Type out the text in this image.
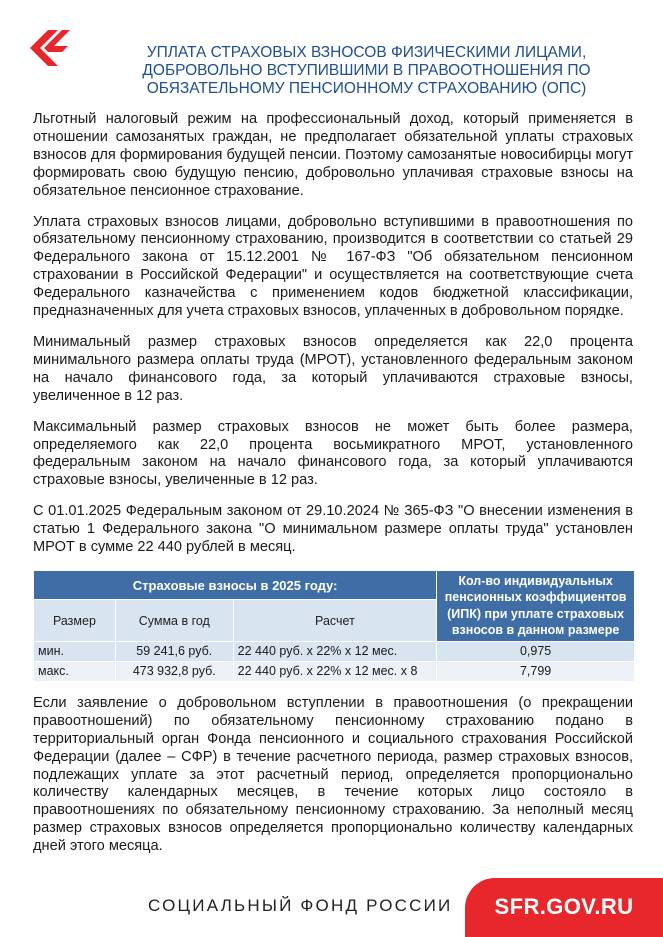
УПЛАТА СТРАХОВЫХ ВЗНОСОВ ФИЗИЧЕСКИМИ ЛИЦАМИ,
ДОБРОВОЛЬНО ВСТУПИВШИМИ В ПРАВООТНОШЕНИЯ ПО
ОБЯЗАТЕЛЬНОМУ ПЕНСИОННОМУ СТРАХОВАНИЮ (ОПС)

Льготный налоговый режим на профессиональный доход, который применяется в отношении самозанятых граждан, не предполагает обязательной уплаты страховых взносов для формирования будущей пенсии. Поэтому самозанятые новосибирцы могут формировать свою будущую пенсию, добровольно уплачивая страховые взносы на обязательное пенсионное страхование.

Уплата страховых взносов лицами, добровольно вступившими в правоотношения по обязательному пенсионному страхованию, производится в соответствии со статьей 29 Федерального закона от 15.12.2001 № 167-ФЗ "Об обязательном пенсионном страховании в Российской Федерации" и осуществляется на соответствующие счета Федерального казначейства с применением кодов бюджетной классификации, предназначенных для учета страховых взносов, уплаченных в добровольном порядке.

Минимальный размер страховых взносов определяется как 22,0 процента минимального размера оплаты труда (МРОТ), установленного федеральным законом на начало финансового года, за который уплачиваются страховые взносы, увеличенное в 12 раз.

Максимальный размер страховых взносов не может быть более размера, определяемого как 22,0 процента восьмикратного МРОТ, установленного федеральным законом на начало финансового года, за который уплачиваются страховые взносы, увеличенные в 12 раз.

С 01.01.2025 Федеральным законом от 29.10.2024 № 365-ФЗ "О внесении изменения в статью 1 Федерального закона "О минимальном размере оплаты труда" установлен МРОТ в сумме 22 440 рублей в месяц.

Страховые взносы в 2025 году:			Кол-во индивидуальных пенсионных коэффициентов (ИПК) при уплате страховых взносов в данном размере
Размер	Сумма в год	Расчет	
мин.	59 241,6 руб.	22 440 руб. х 22% х 12 мес.	0,975
макс.	473 932,8 руб.	22 440 руб. х 22% х 12 мес. х 8	7,799

Если заявление о добровольном вступлении в правоотношения (о прекращении правоотношений) по обязательному пенсионному страхованию подано в территориальный орган Фонда пенсионного и социального страхования Российской Федерации (далее – СФР) в течение расчетного периода, размер страховых взносов, подлежащих уплате за этот расчетный период, определяется пропорционально количеству календарных месяцев, в течение которых лицо состояло в правоотношениях по обязательному пенсионному страхованию. За неполный месяц размер страховых взносов определяется пропорционально количеству календарных дней этого месяца.

СОЦИАЛЬНЫЙ ФОНД РОССИИ	SFR.GOV.RU
